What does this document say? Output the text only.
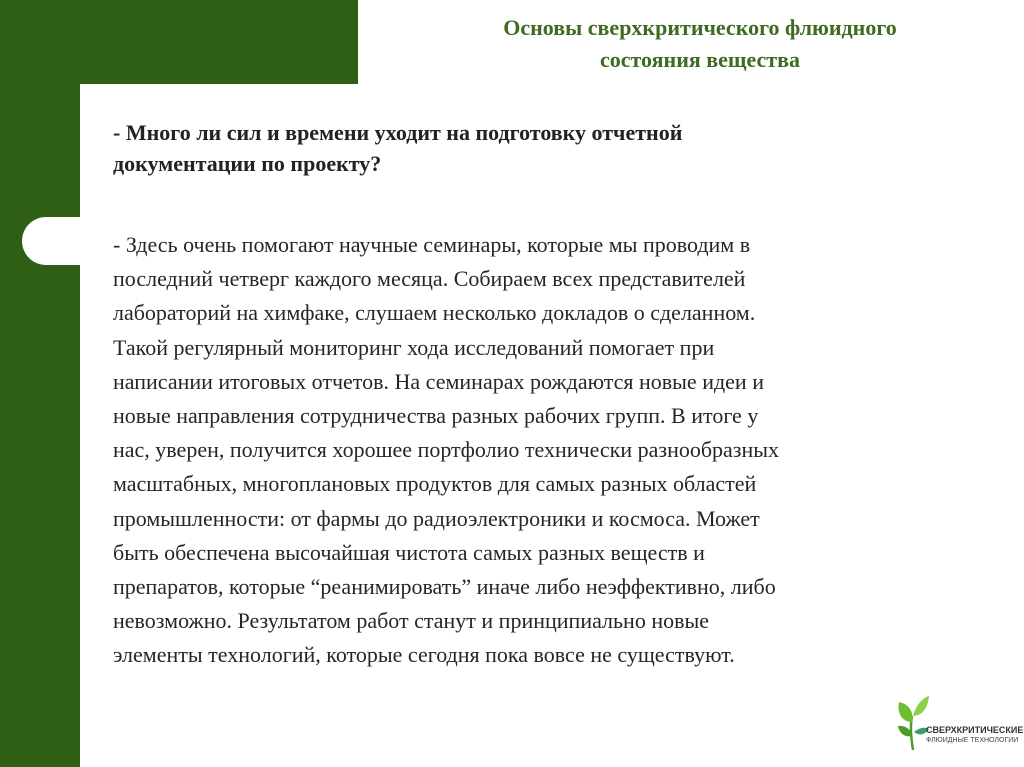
Основы сверхкритического флюидного
состояния вещества

- Много ли сил и времени уходит на подготовку отчетной
документации по проекту?

- Здесь очень помогают научные семинары, которые мы проводим в
последний четверг каждого месяца. Собираем всех представителей
лабораторий на химфаке, слушаем несколько докладов о сделанном.
Такой регулярный мониторинг хода исследований помогает при
написании итоговых отчетов. На семинарах рождаются новые идеи и
новые направления сотрудничества разных рабочих групп. В итоге у
нас, уверен, получится хорошее портфолио технически разнообразных
масштабных, многоплановых продуктов для самых разных областей
промышленности: от фармы до радиоэлектроники и космоса. Может
быть обеспечена высочайшая чистота самых разных веществ и
препаратов, которые “реанимировать” иначе либо неэффективно, либо
невозможно. Результатом работ станут и принципиально новые
элементы технологий, которые сегодня пока вовсе не существуют.

СВЕРХКРИТИЧЕСКИЕ
ФЛЮИДНЫЕ ТЕХНОЛОГИИ
